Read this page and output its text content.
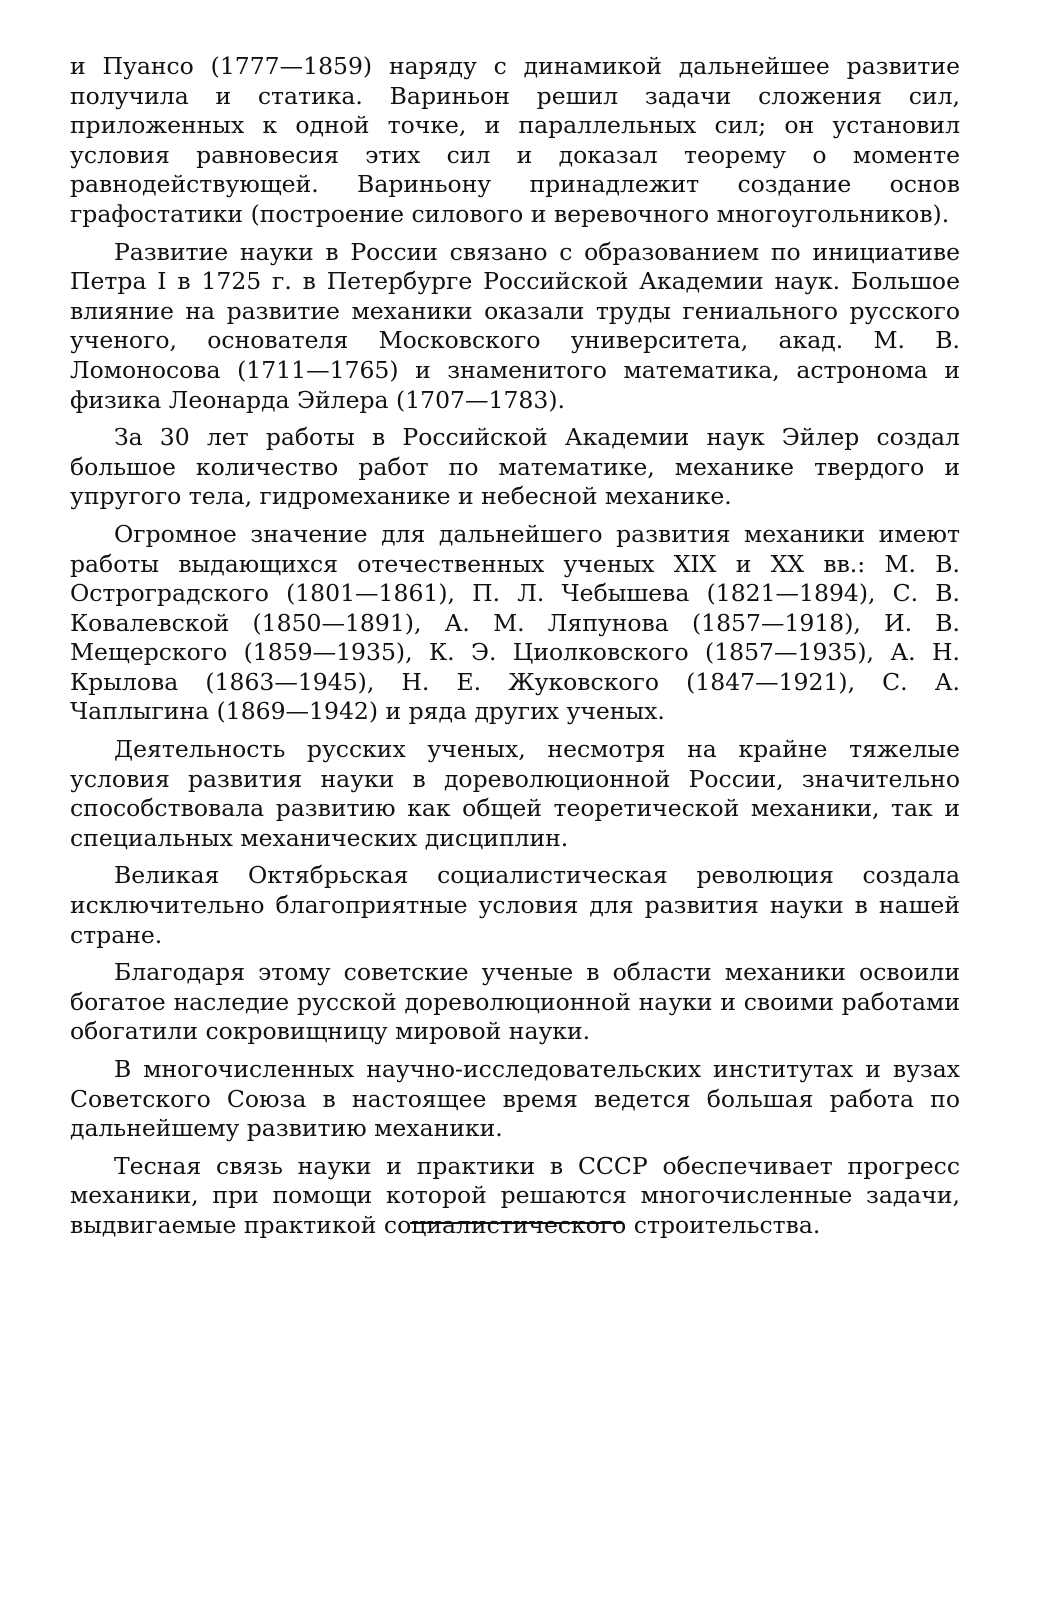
и Пуансо (1777—1859) наряду с динамикой дальнейшее развитие получила и статика. Вариньон решил задачи сложения сил, приложенных к одной точке, и параллельных сил; он установил условия равновесия этих сил и доказал теорему о моменте равнодействующей. Вариньону принадлежит создание основ графостатики (построение силового и веревочного многоугольников).

Развитие науки в России связано с образованием по инициативе Петра I в 1725 г. в Петербурге Российской Академии наук. Большое влияние на развитие механики оказали труды гениального русского ученого, основателя Московского университета, акад. М. В. Ломоносова (1711—1765) и знаменитого математика, астронома и физика Леонарда Эйлера (1707—1783).

За 30 лет работы в Российской Академии наук Эйлер создал большое количество работ по математике, механике твердого и упругого тела, гидромеханике и небесной механике.

Огромное значение для дальнейшего развития механики имеют работы выдающихся отечественных ученых XIX и XX вв.: М. В. Остроградского (1801—1861), П. Л. Чебышева (1821—1894), С. В. Ковалевской (1850—1891), А. М. Ляпунова (1857—1918), И. В. Мещерского (1859—1935), К. Э. Циолковского (1857—1935), А. Н. Крылова (1863—1945), Н. Е. Жуковского (1847—1921), С. А. Чаплыгина (1869—1942) и ряда других ученых.

Деятельность русских ученых, несмотря на крайне тяжелые условия развития науки в дореволюционной России, значительно способствовала развитию как общей теоретической механики, так и специальных механических дисциплин.

Великая Октябрьская социалистическая революция создала исключительно благоприятные условия для развития науки в нашей стране.

Благодаря этому советские ученые в области механики освоили богатое наследие русской дореволюционной науки и своими работами обогатили сокровищницу мировой науки.

В многочисленных научно-исследовательских институтах и вузах Советского Союза в настоящее время ведется большая работа по дальнейшему развитию механики.

Тесная связь науки и практики в СССР обеспечивает прогресс механики, при помощи которой решаются многочисленные задачи, выдвигаемые практикой социалистического строительства.
